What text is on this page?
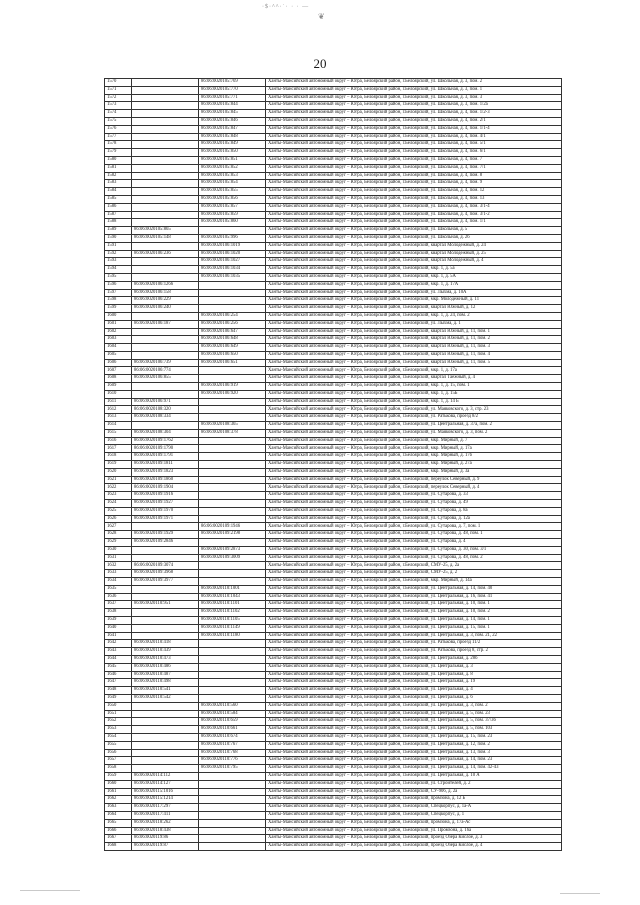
·$·^^·˙· · · —
❦
20
1570		86:06:0020105:769	Ханты-Мансийский автономный округ – Югра, Белоярский район, г.Белоярский, ул. Школьная, д. 3, пом. 2
1571		86:06:0020105:770	Ханты-Мансийский автономный округ – Югра, Белоярский район, г.Белоярский, ул. Школьная, д. 3, пом. 1
1572		86:06:0020105:771	Ханты-Мансийский автономный округ – Югра, Белоярский район, г.Белоярский, ул. Школьная, д. 3, пом. 3
1573		86:06:0020105:844	Ханты-Мансийский автономный округ – Югра, Белоярский район, г.Белоярский, ул. Школьная, д. 3, пом. 1/2а
1574		86:06:0020105:845	Ханты-Мансийский автономный округ – Югра, Белоярский район, г.Белоярский, ул. Школьная, д. 4, пом. 1/2-3
1575		86:06:0020105:846	Ханты-Мансийский автономный округ – Югра, Белоярский район, г.Белоярский, ул. Школьная, д. 4, пом. 2/1
1576		86:06:0020105:847	Ханты-Мансийский автономный округ – Югра, Белоярский район, г.Белоярский, ул. Школьная, д. 4, пом. 1/1-4
1577		86:06:0020105:848	Ханты-Мансийский автономный округ – Югра, Белоярский район, г.Белоярский, ул. Школьная, д. 4, пом. 4/1
1578		86:06:0020105:849	Ханты-Мансийский автономный округ – Югра, Белоярский район, г.Белоярский, ул. Школьная, д. 4, пом. 5/1
1579		86:06:0020105:850	Ханты-Мансийский автономный округ – Югра, Белоярский район, г.Белоярский, ул. Школьная, д. 4, пом. 6/1
1580		86:06:0020105:851	Ханты-Мансийский автономный округ – Югра, Белоярский район, г.Белоярский, ул. Школьная, д. 4, пом. 7
1581		86:06:0020105:852	Ханты-Мансийский автономный округ – Югра, Белоярский район, г.Белоярский, ул. Школьная, д. 4, пом. 7/1
1582		86:06:0020105:853	Ханты-Мансийский автономный округ – Югра, Белоярский район, г.Белоярский, ул. Школьная, д. 4, пом. 8
1583		86:06:0020105:854	Ханты-Мансийский автономный округ – Югра, Белоярский район, г.Белоярский, ул. Школьная, д. 4, пом. 9
1584		86:06:0020105:855	Ханты-Мансийский автономный округ – Югра, Белоярский район, г.Белоярский, ул. Школьная, д. 4, пом. 12
1585		86:06:0020105:856	Ханты-Мансийский автономный округ – Югра, Белоярский район, г.Белоярский, ул. Школьная, д. 4, пом. 13
1586		86:06:0020105:857	Ханты-Мансийский автономный округ – Югра, Белоярский район, г.Белоярский, ул. Школьная, д. 4, пом. 3/1-4
1587		86:06:0020105:859	Ханты-Мансийский автономный округ – Югра, Белоярский район, г.Белоярский, ул. Школьная, д. 4, пом. 3/1-2
1588		86:06:0020105:860	Ханты-Мансийский автономный округ – Югра, Белоярский район, г.Белоярский, ул. Школьная, д. 4, пом. 1/1
1589	86:06:0020105:865		Ханты-Мансийский автономный округ – Югра, Белоярский район, г.Белоярский, ул. Школьная, д. 5
1590	86:06:0020105:148	86:06:0020105:996	Ханты-Мансийский автономный округ – Югра, Белоярский район, г.Белоярский, ул. Школьная, д. 26
1591		86:06:0020106:1019	Ханты-Мансийский автономный округ – Югра, Белоярский район, г.Белоярский, квартал Молодежный, д. 24
1592	86:06:0020106:236	86:06:0020106:1020	Ханты-Мансийский автономный округ – Югра, Белоярский район, г.Белоярский, квартал Молодежный, д. 25
1593		86:06:0020106:1027	Ханты-Мансийский автономный округ – Югра, Белоярский район, г.Белоярский, квартал Молодежный, д. 4
1594		86:06:0020106:1034	Ханты-Мансийский автономный округ – Югра, Белоярский район, г.Белоярский, мкр. 1, д. 5а
1595		86:06:0020106:1035	Ханты-Мансийский автономный округ – Югра, Белоярский район, г.Белоярский, мкр. 1, д. 5А
1596	86:06:0020106:1266		Ханты-Мансийский автономный округ – Югра, Белоярский район, г.Белоярский, мкр. 1, д. 17А
1597	86:06:0020106:158		Ханты-Мансийский автономный округ – Югра, Белоярский район, г.Белоярский, ул. Лыхма, д. 10А
1598	86:06:0020106:229		Ханты-Мансийский автономный округ – Югра, Белоярский район, г.Белоярский, мкр. Молодежный, д. 11
1599	86:06:0020106:240		Ханты-Мансийский автономный округ – Югра, Белоярский район, г.Белоярский, квартал Южный, д. 12
1600		86:06:0020106:254	Ханты-Мансийский автономный округ – Югра, Белоярский район, г.Белоярский, мкр. 1, д. 24, пом. 2
1601	86:06:0020106:187	86:06:0020106:256	Ханты-Мансийский автономный округ – Югра, Белоярский район, г.Белоярский, ул. Лыхма, д. 1
1602		86:06:0020106:647	Ханты-Мансийский автономный округ – Югра, Белоярский район, г.Белоярский, квартал Южный, д. 11, пом. 1
1603		86:06:0020106:648	Ханты-Мансийский автономный округ – Югра, Белоярский район, г.Белоярский, квартал Южный, д. 11, пом. 2
1604		86:06:0020106:649	Ханты-Мансийский автономный округ – Югра, Белоярский район, г.Белоярский, квартал Южный, д. 11, пом. 3
1605		86:06:0020106:650	Ханты-Мансийский автономный округ – Югра, Белоярский район, г.Белоярский, квартал Южный, д. 11, пом. 4
1606	86:06:0020106:739	86:06:0020106:651	Ханты-Мансийский автономный округ – Югра, Белоярский район, г.Белоярский, квартал Южный, д. 11, пом. 5
1607	86:06:0020106:774		Ханты-Мансийский автономный округ – Югра, Белоярский район, г.Белоярский, мкр. 1, д. 17а
1608	86:06:0020106:855		Ханты-Мансийский автономный округ – Югра, Белоярский район, г.Белоярский, квартал Таежный, д. 4
1609		86:06:0020106:919	Ханты-Мансийский автономный округ – Югра, Белоярский район, г.Белоярский, мкр. 1, д. 15, пом. 1
1610		86:06:0020106:920	Ханты-Мансийский автономный округ – Югра, Белоярский район, г.Белоярский, мкр. 1, д. 15Б
1611	86:06:0020106:971		Ханты-Мансийский автономный округ – Югра, Белоярский район, г.Белоярский, мкр. 1, д. 14 Б
1612	86:06:0020108:320		Ханты-Мансийский автономный округ – Югра, Белоярский район, г.Белоярский, ул. Маяковского, д. 3, стр. 23
1613	86:06:0020108:334		Ханты-Мансийский автономный округ – Югра, Белоярский район, г.Белоярский, ул. Ратькова, проезд 8/2
1614		86:06:0020108:365	Ханты-Мансийский автономный округ – Югра, Белоярский район, г.Белоярский, ул. Центральная, д. 37а, пом. 2
1615	86:06:0020108:304	86:06:0020108:378	Ханты-Мансийский автономный округ – Югра, Белоярский район, г.Белоярский, ул. Маяковского, д. 3, пом. 2
1616	86:06:0020109:1762		Ханты-Мансийский автономный округ – Югра, Белоярский район, г.Белоярский, мкр. Мирный, д. 7
1617	86:06:0020109:1790		Ханты-Мансийский автономный округ – Югра, Белоярский район, г.Белоярский, мкр. Мирный, д. 17а
1618	86:06:0020109:1791		Ханты-Мансийский автономный округ – Югра, Белоярский район, г.Белоярский, мкр. Мирный, д. 17б
1619	86:06:0020109:1811		Ханты-Мансийский автономный округ – Югра, Белоярский район, г.Белоярский, мкр. Мирный, д. 27а
1620	86:06:0020109:1823		Ханты-Мансийский автономный округ – Югра, Белоярский район, г.Белоярский, мкр. Мирный, д. 3а
1621	86:06:0020109:1860		Ханты-Мансийский автономный округ – Югра, Белоярский район, г.Белоярский, переулок Северный, д. 9
1622	86:06:0020109:1904		Ханты-Мансийский автономный округ – Югра, Белоярский район, г.Белоярский, переулок Северный, д. 4
1623	86:06:0020109:1916		Ханты-Мансийский автономный округ – Югра, Белоярский район, г.Белоярский, ул. Сутарова, д. 33
1624	86:06:0020109:1927		Ханты-Мансийский автономный округ – Югра, Белоярский район, г.Белоярский, ул. Сутарова, д. 49
1625	86:06:0020109:1970		Ханты-Мансийский автономный округ – Югра, Белоярский район, г.Белоярский, ул. Сутарова, д. 8а
1626	86:06:0020109:1971		Ханты-Мансийский автономный округ – Югра, Белоярский район, г.Белоярский, ул. Сутарова, д. 12а
1627		86:06:0020109:1946	Ханты-Мансийский автономный округ – Югра, Белоярский район, г.Белоярский, ул. Сутарова, д. 7, пом. 1
1628	86:06:0020109:1929	86:06:0020109:2198	Ханты-Мансийский автономный округ – Югра, Белоярский район, г.Белоярский, ул. Сутарова, д. 48, пом. 1
1629	86:06:0020109:2846		Ханты-Мансийский автономный округ – Югра, Белоярский район, г.Белоярский, ул. Сутарова, д. 4
1630		86:06:0020109:2873	Ханты-Мансийский автономный округ – Югра, Белоярский район, г.Белоярский, ул. Сутарова, д. 30, пом. 3/1
1631		86:06:0020109:3009	Ханты-Мансийский автономный округ – Югра, Белоярский район, г.Белоярский, ул. Сутарова, д. 48, пом. 2
1632	86:06:0020109:3074		Ханты-Мансийский автономный округ – Югра, Белоярский район, г.Белоярский, СМУ-25, д. 2а
1633	86:06:0020109:3968		Ханты-Мансийский автономный округ – Югра, Белоярский район, г.Белоярский, СМУ-25, д. 2
1634	86:06:0020109:3977		Ханты-Мансийский автономный округ – Югра, Белоярский район, г.Белоярский, мкр. Мирный, д. 14а
1635		86:06:0020110:1001	Ханты-Мансийский автономный округ – Югра, Белоярский район, г.Белоярский, ул. Центральная, д. 14, пом. 40
1636		86:06:0020110:1043	Ханты-Мансийский автономный округ – Югра, Белоярский район, г.Белоярский, ул. Центральная, д. 16, пом. 41
1637	86:06:0020110:951	86:06:0020110:1101	Ханты-Мансийский автономный округ – Югра, Белоярский район, г.Белоярский, ул. Центральная, д. 10, пом. 1
1638		86:06:0020110:1102	Ханты-Мансийский автономный округ – Югра, Белоярский район, г.Белоярский, ул. Центральная, д. 10, пом. 2
1639		86:06:0020110:1105	Ханты-Мансийский автономный округ – Югра, Белоярский район, г.Белоярский, ул. Центральная, д. 14, пом. 1
1640		86:06:0020110:1149	Ханты-Мансийский автономный округ – Югра, Белоярский район, г.Белоярский, ул. Центральная, д. 15, пом. 1
1641		86:06:0020110:1180	Ханты-Мансийский автономный округ – Югра, Белоярский район, г.Белоярский, ул. Центральная, д. 3, пом. 21, 22
1642	86:06:0020110:418		Ханты-Мансийский автономный округ – Югра, Белоярский район, г.Белоярский, ул. Ратькова, проезд 11/2
1643	86:06:0020110:439		Ханты-Мансийский автономный округ – Югра, Белоярский район, г.Белоярский, ул. Ратькова, проезд 8, стр. 2
1644	86:06:0020110:473		Ханты-Мансийский автономный округ – Югра, Белоярский район, г.Белоярский, ул. Центральная, д. 28б
1645	86:06:0020110:486		Ханты-Мансийский автономный округ – Югра, Белоярский район, г.Белоярский, ул. Центральная, д. 3
1646	86:06:0020110:487		Ханты-Мансийский автономный округ – Югра, Белоярский район, г.Белоярский, ул. Центральная, д. 8
1647	86:06:0020110:498		Ханты-Мансийский автономный округ – Югра, Белоярский район, г.Белоярский, ул. Центральная, д. 19
1648	86:06:0020110:541		Ханты-Мансийский автономный округ – Югра, Белоярский район, г.Белоярский, ул. Центральная, д. 4
1649	86:06:0020110:542		Ханты-Мансийский автономный округ – Югра, Белоярский район, г.Белоярский, ул. Центральная, д. 6
1650		86:06:0020110:560	Ханты-Мансийский автономный округ – Югра, Белоярский район, г.Белоярский, ул. Центральная, д. 3, пом. 2
1651		86:06:0020110:584	Ханты-Мансийский автономный округ – Югра, Белоярский район, г.Белоярский, ул. Центральная, д. 5, пом. 23
1652		86:06:0020110:659	Ханты-Мансийский автономный округ – Югра, Белоярский район, г.Белоярский, ул. Центральная, д. 5, пом. 37/36
1653		86:06:0020110:661	Ханты-Мансийский автономный округ – Югра, Белоярский район, г.Белоярский, ул. Центральная, д. 5, пом. 103
1654		86:06:0020110:674	Ханты-Мансийский автономный округ – Югра, Белоярский район, г.Белоярский, ул. Центральная, д. 15, пом. 23
1655		86:06:0020110:767	Ханты-Мансийский автономный округ – Югра, Белоярский район, г.Белоярский, ул. Центральная, д. 12, пом. 2
1656		86:06:0020110:768	Ханты-Мансийский автономный округ – Югра, Белоярский район, г.Белоярский, ул. Центральная, д. 13, пом. 3
1657		86:06:0020110:776	Ханты-Мансийский автономный округ – Югра, Белоярский район, г.Белоярский, ул. Центральная, д. 14, пом. 23
1658		86:06:0020110:795	Ханты-Мансийский автономный округ – Югра, Белоярский район, г.Белоярский, ул. Центральная, д. 14, пом. 42-43
1659	86:06:0020114:112		Ханты-Мансийский автономный округ – Югра, Белоярский район, г.Белоярский, ул. Центральная, д. 10 А
1660	86:06:0020114:127		Ханты-Мансийский автономный округ – Югра, Белоярский район, г.Белоярский, ул. Строителей, д. 2
1661	86:06:0020115:1016		Ханты-Мансийский автономный округ – Югра, Белоярский район, г.Белоярский, СУ-906, д. 2а
1662	86:06:0020115:1214		Ханты-Мансийский автономный округ – Югра, Белоярский район, г.Белоярский, промзона, д. 12 Б
1663	86:06:0020117:297		Ханты-Мансийский автономный округ – Югра, Белоярский район, г.Белоярский, Спецкорпус, д. 1а-А
1664	86:06:0020117:411		Ханты-Мансийский автономный округ – Югра, Белоярский район, г.Белоярский, Спецкорпус, д. 1
1665	86:06:0020118:262		Ханты-Мансийский автономный округ – Югра, Белоярский район, г.Белоярский, промзона, д. 17а-Ас
1666	86:06:0020118:438		Ханты-Мансийский автономный округ – Югра, Белоярский район, г.Белоярский, ул. Промзона, д. 16а
1667	86:06:0020119:86		Ханты-Мансийский автономный округ – Югра, Белоярский район, г.Белоярский, проезд Озера Кислое, д. 3
1668	86:06:0020119:87		Ханты-Мансийский автономный округ – Югра, Белоярский район, г.Белоярский, проезд Озера Кислое, д. 4
